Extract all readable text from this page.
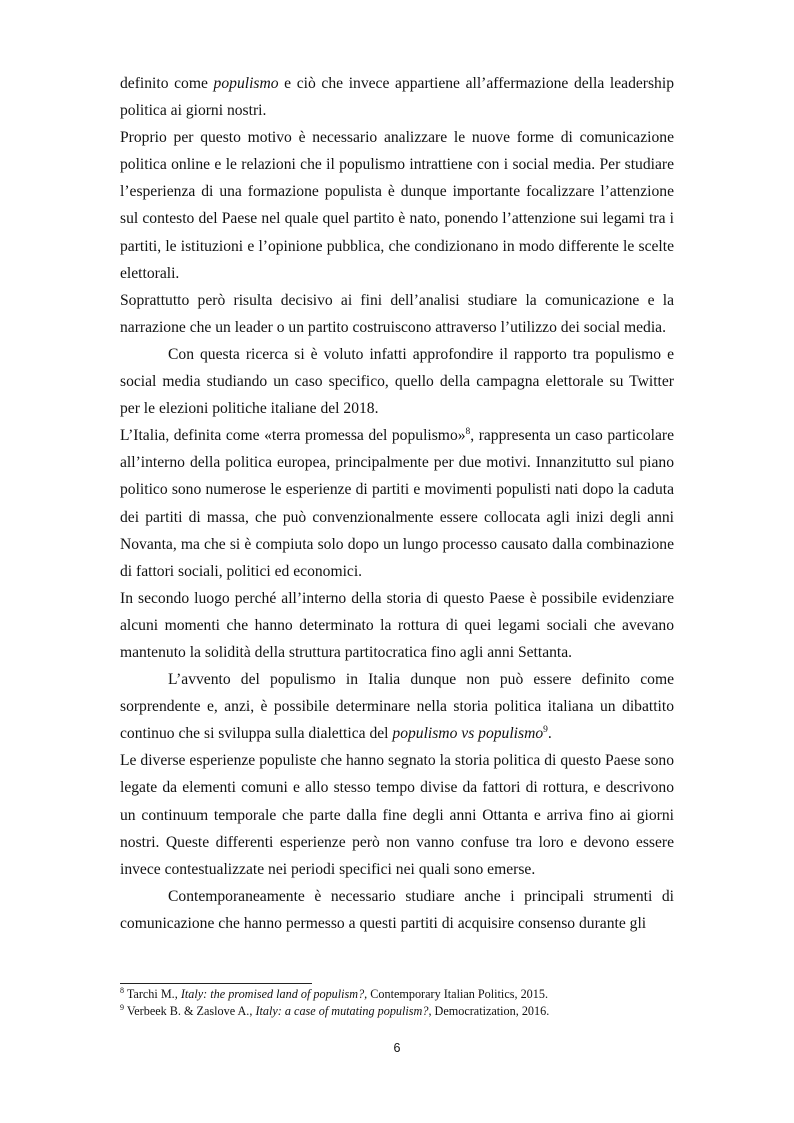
definito come populismo e ciò che invece appartiene all’affermazione della leadership politica ai giorni nostri.

Proprio per questo motivo è necessario analizzare le nuove forme di comunicazione politica online e le relazioni che il populismo intrattiene con i social media. Per studiare l’esperienza di una formazione populista è dunque importante focalizzare l’attenzione sul contesto del Paese nel quale quel partito è nato, ponendo l’attenzione sui legami tra i partiti, le istituzioni e l’opinione pubblica, che condizionano in modo differente le scelte elettorali.

Soprattutto però risulta decisivo ai fini dell’analisi studiare la comunicazione e la narrazione che un leader o un partito costruiscono attraverso l’utilizzo dei social media.

Con questa ricerca si è voluto infatti approfondire il rapporto tra populismo e social media studiando un caso specifico, quello della campagna elettorale su Twitter per le elezioni politiche italiane del 2018.

L’Italia, definita come «terra promessa del populismo»$^8$, rappresenta un caso particolare all’interno della politica europea, principalmente per due motivi. Innanzitutto sul piano politico sono numerose le esperienze di partiti e movimenti populisti nati dopo la caduta dei partiti di massa, che può convenzionalmente essere collocata agli inizi degli anni Novanta, ma che si è compiuta solo dopo un lungo processo causato dalla combinazione di fattori sociali, politici ed economici.

In secondo luogo perché all’interno della storia di questo Paese è possibile evidenziare alcuni momenti che hanno determinato la rottura di quei legami sociali che avevano mantenuto la solidità della struttura partitocratica fino agli anni Settanta.

L’avvento del populismo in Italia dunque non può essere definito come sorprendente e, anzi, è possibile determinare nella storia politica italiana un dibattito continuo che si sviluppa sulla dialettica del populismo vs populismo$^9$.

Le diverse esperienze populiste che hanno segnato la storia politica di questo Paese sono legate da elementi comuni e allo stesso tempo divise da fattori di rottura, e descrivono un continuum temporale che parte dalla fine degli anni Ottanta e arriva fino ai giorni nostri. Queste differenti esperienze però non vanno confuse tra loro e devono essere invece contestualizzate nei periodi specifici nei quali sono emerse.

Contemporaneamente è necessario studiare anche i principali strumenti di comunicazione che hanno permesso a questi partiti di acquisire consenso durante gli

$^8$ Tarchi M., Italy: the promised land of populism?, Contemporary Italian Politics, 2015.

$^9$ Verbeek B. & Zaslove A., Italy: a case of mutating populism?, Democratization, 2016.

6
